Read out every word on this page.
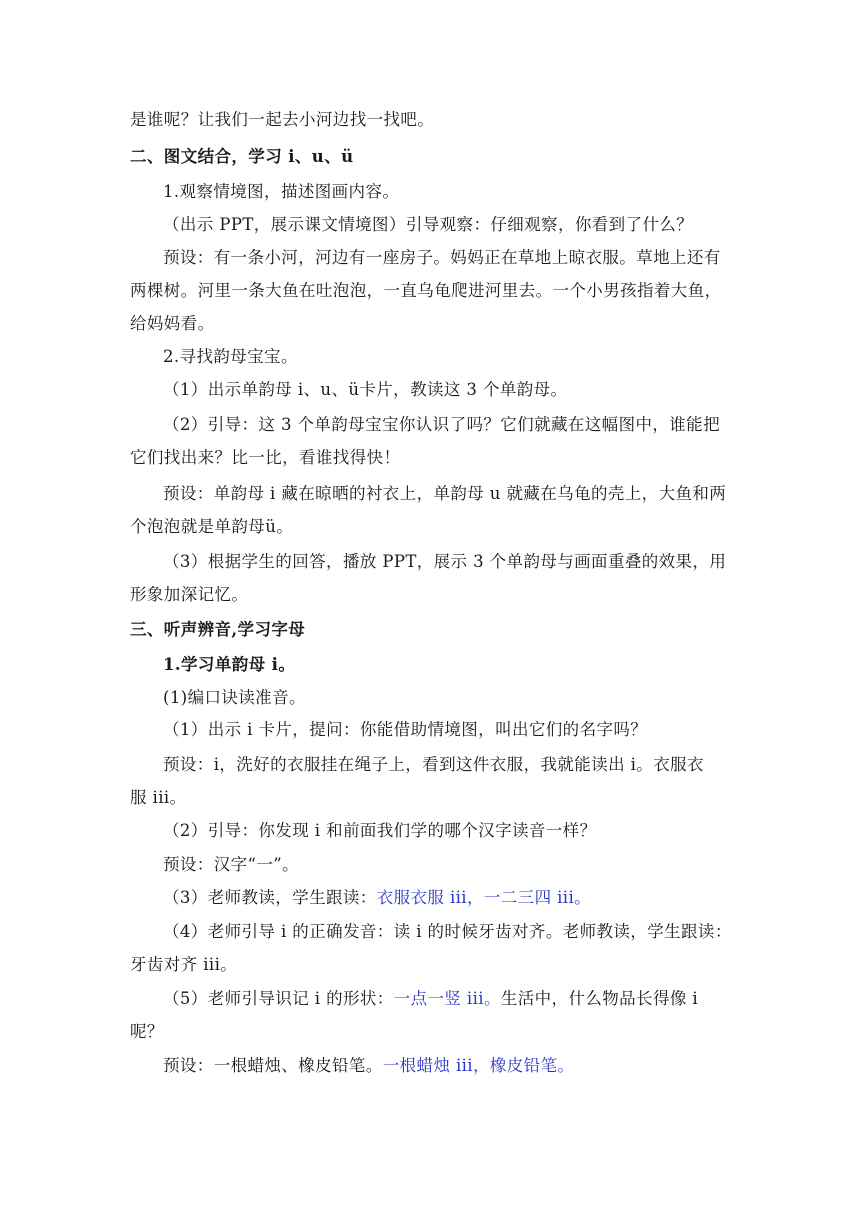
是谁呢？让我们一起去小河边找一找吧。
二、图文结合，学习 i、u、ü
1.观察情境图，描述图画内容。
（出示 PPT，展示课文情境图）引导观察：仔细观察，你看到了什么？
预设：有一条小河，河边有一座房子。妈妈正在草地上晾衣服。草地上还有
两棵树。河里一条大鱼在吐泡泡，一直乌龟爬进河里去。一个小男孩指着大鱼，
给妈妈看。
2.寻找韵母宝宝。
（1）出示单韵母 i、u、ü卡片，教读这 3 个单韵母。
（2）引导：这 3 个单韵母宝宝你认识了吗？它们就藏在这幅图中，谁能把
它们找出来？比一比，看谁找得快！
预设：单韵母 i 藏在晾晒的衬衣上，单韵母 u 就藏在乌龟的壳上，大鱼和两
个泡泡就是单韵母ü。
（3）根据学生的回答，播放 PPT，展示 3 个单韵母与画面重叠的效果，用
形象加深记忆。
三、听声辨音,学习字母
1.学习单韵母 i。
(1)编口诀读准音。
（1）出示 i 卡片，提问：你能借助情境图，叫出它们的名字吗？
预设：i，洗好的衣服挂在绳子上，看到这件衣服，我就能读出 i。衣服衣
服 iii。
（2）引导：你发现 i 和前面我们学的哪个汉字读音一样？
预设：汉字“一”。
（3）老师教读，学生跟读：衣服衣服 iii，一二三四 iii。
（4）老师引导 i 的正确发音：读 i 的时候牙齿对齐。老师教读，学生跟读：
牙齿对齐 iii。
（5）老师引导识记 i 的形状：一点一竖 iii。生活中，什么物品长得像 i
呢？
预设：一根蜡烛、橡皮铅笔。一根蜡烛 iii，橡皮铅笔。
